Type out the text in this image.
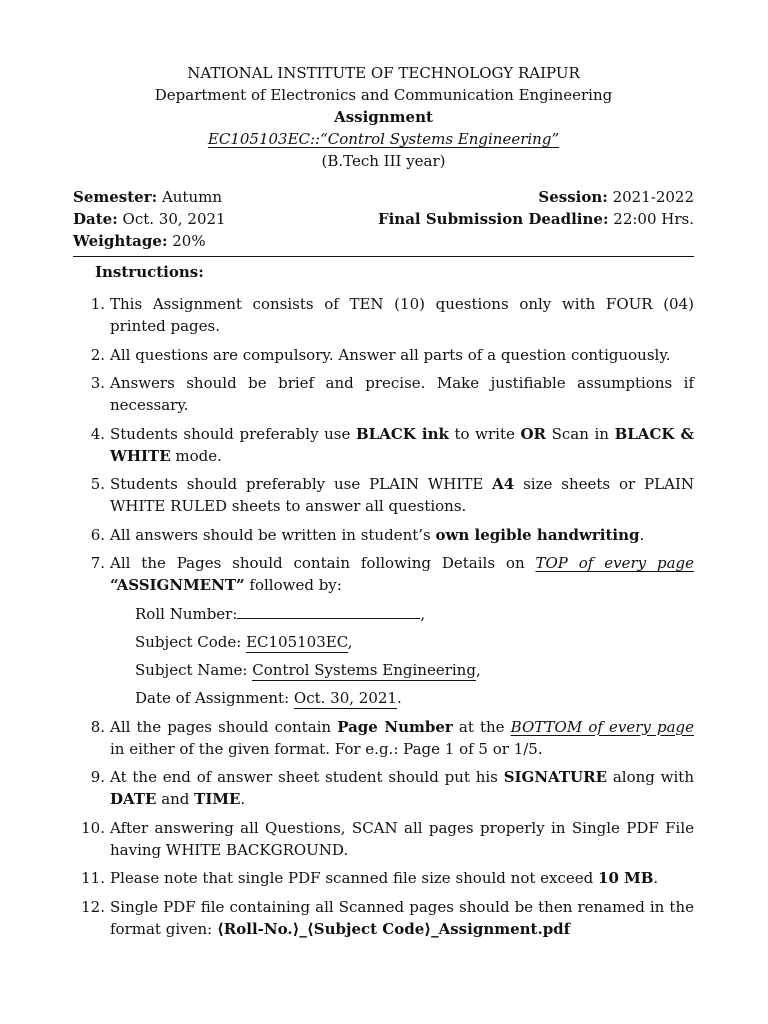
NATIONAL INSTITUTE OF TECHNOLOGY RAIPUR
Department of Electronics and Communication Engineering
Assignment
EC105103EC::“Control Systems Engineering”
(B.Tech III year)
Semester: Autumn	Session: 2021-2022
Date: Oct. 30, 2021	Final Submission Deadline: 22:00 Hrs.
Weightage: 20%
Instructions:
1. This Assignment consists of TEN (10) questions only with FOUR (04) printed pages.
2. All questions are compulsory. Answer all parts of a question contiguously.
3. Answers should be brief and precise. Make justifiable assumptions if necessary.
4. Students should preferably use BLACK ink to write OR Scan in BLACK & WHITE mode.
5. Students should preferably use PLAIN WHITE A4 size sheets or PLAIN WHITE RULED sheets to answer all questions.
6. All answers should be written in student’s own legible handwriting.
7. All the Pages should contain following Details on TOP of every page “ASSIGNMENT” followed by:
Roll Number:	,
Subject Code: EC105103EC,
Subject Name: Control Systems Engineering,
Date of Assignment: Oct. 30, 2021.
8. All the pages should contain Page Number at the BOTTOM of every page in either of the given format. For e.g.: Page 1 of 5 or 1/5.
9. At the end of answer sheet student should put his SIGNATURE along with DATE and TIME.
10. After answering all Questions, SCAN all pages properly in Single PDF File having WHITE BACKGROUND.
11. Please note that single PDF scanned file size should not exceed 10 MB.
12. Single PDF file containing all Scanned pages should be then renamed in the format given: ⟨Roll-No.⟩_⟨Subject Code⟩_Assignment.pdf
